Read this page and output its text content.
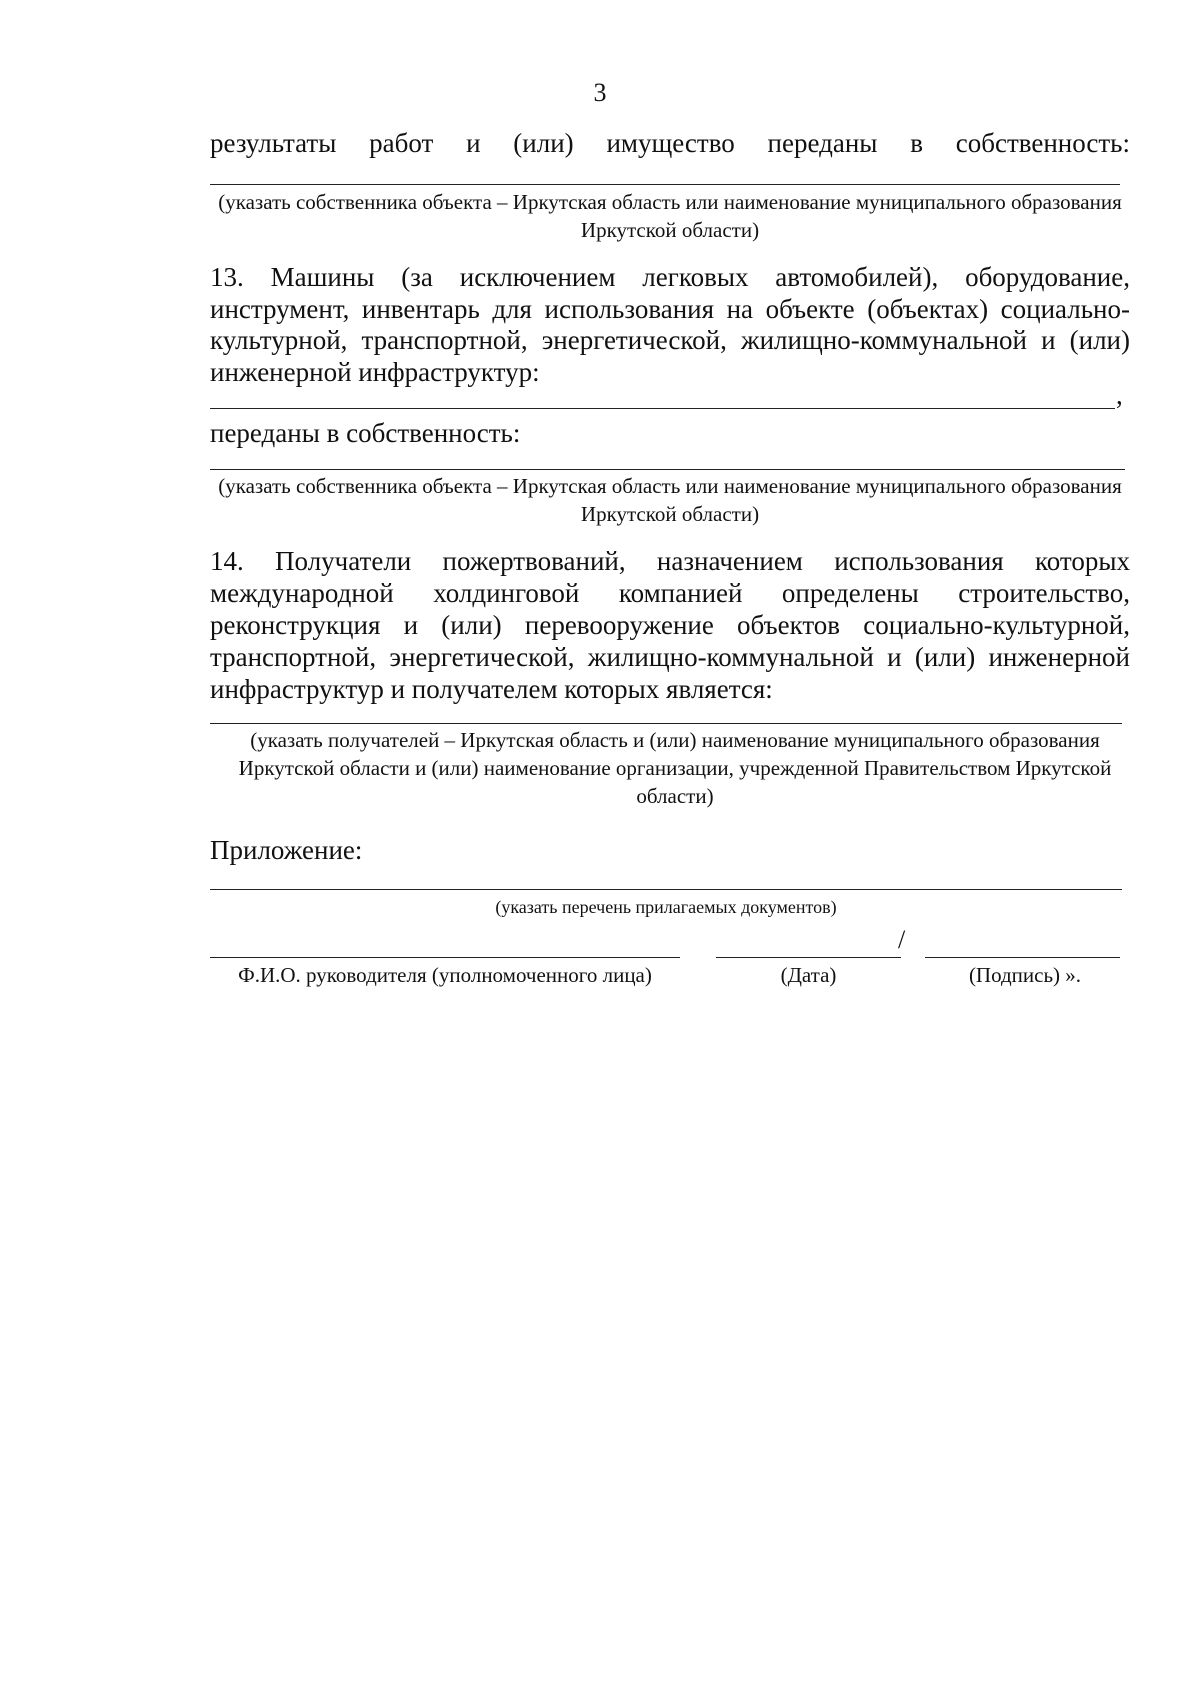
3
результаты работ и (или) имущество переданы в собственность:
(указать собственника объекта – Иркутская область или наименование муниципального образования Иркутской области)
13. Машины (за исключением легковых автомобилей), оборудование, инструмент, инвентарь для использования на объекте (объектах) социально-культурной, транспортной, энергетической, жилищно-коммунальной и (или) инженерной инфраструктур:
,
переданы в собственность:
(указать собственника объекта – Иркутская область или наименование муниципального образования Иркутской области)
14. Получатели пожертвований, назначением использования которых международной холдинговой компанией определены строительство, реконструкция и (или) перевооружение объектов социально-культурной, транспортной, энергетической, жилищно-коммунальной и (или) инженерной инфраструктур и получателем которых является:
(указать получателей – Иркутская область и (или) наименование муниципального образования Иркутской области и (или) наименование организации, учрежденной Правительством Иркутской области)
Приложение:
(указать перечень прилагаемых документов)
/
Ф.И.О. руководителя (уполномоченного лица)	(Дата)	(Подпись) ».
